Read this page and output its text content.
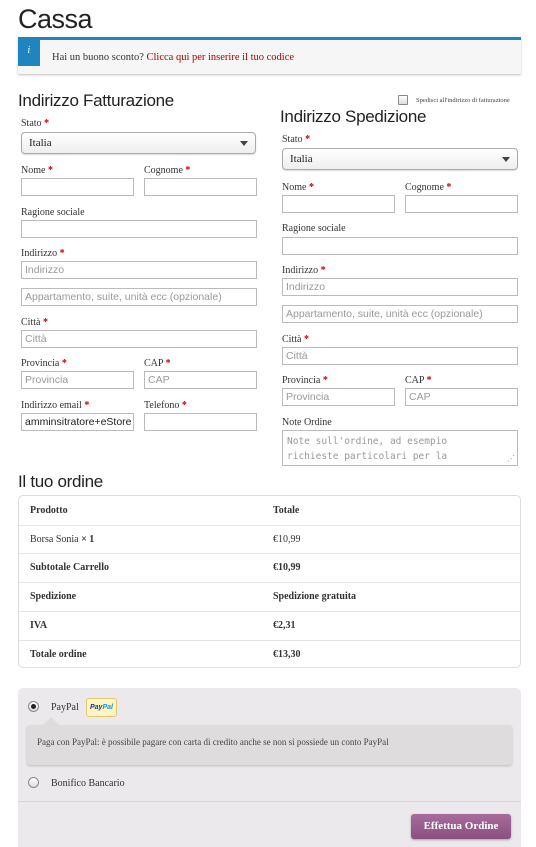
Cassa
i
Hai un buono sconto? Clicca qui per inserire il tuo codice
Indirizzo Fatturazione
Stato *
Italia
Nome *	Cognome *
Ragione sociale
Indirizzo *
Indirizzo
Appartamento, suite, unità ecc (opzionale)
Città *
Città
Provincia *
Provincia
CAP *
CAP
Indirizzo email *
amminsitratore+eStore
Telefono *
Spedisci all'indirizzo di fatturazione
Indirizzo Spedizione
Stato *
Italia
Nome *	Cognome *
Ragione sociale
Indirizzo *
Indirizzo
Appartamento, suite, unità ecc (opzionale)
Città *
Città
Provincia *
Provincia
CAP *
CAP
Note Ordine
Note sull'ordine, ad esempio
richieste particolari per la	⋰
Il tuo ordine
Prodotto	Totale
Borsa Sonia × 1	€10,99
Subtotale Carrello	€10,99
Spedizione	Spedizione gratuita
IVA	€2,31
Totale ordine	€13,30
PayPal	PayPal
Paga con PayPal: è possibile pagare con carta di credito anche se non si possiede un conto PayPal
Bonifico Bancario
Effettua Ordine
